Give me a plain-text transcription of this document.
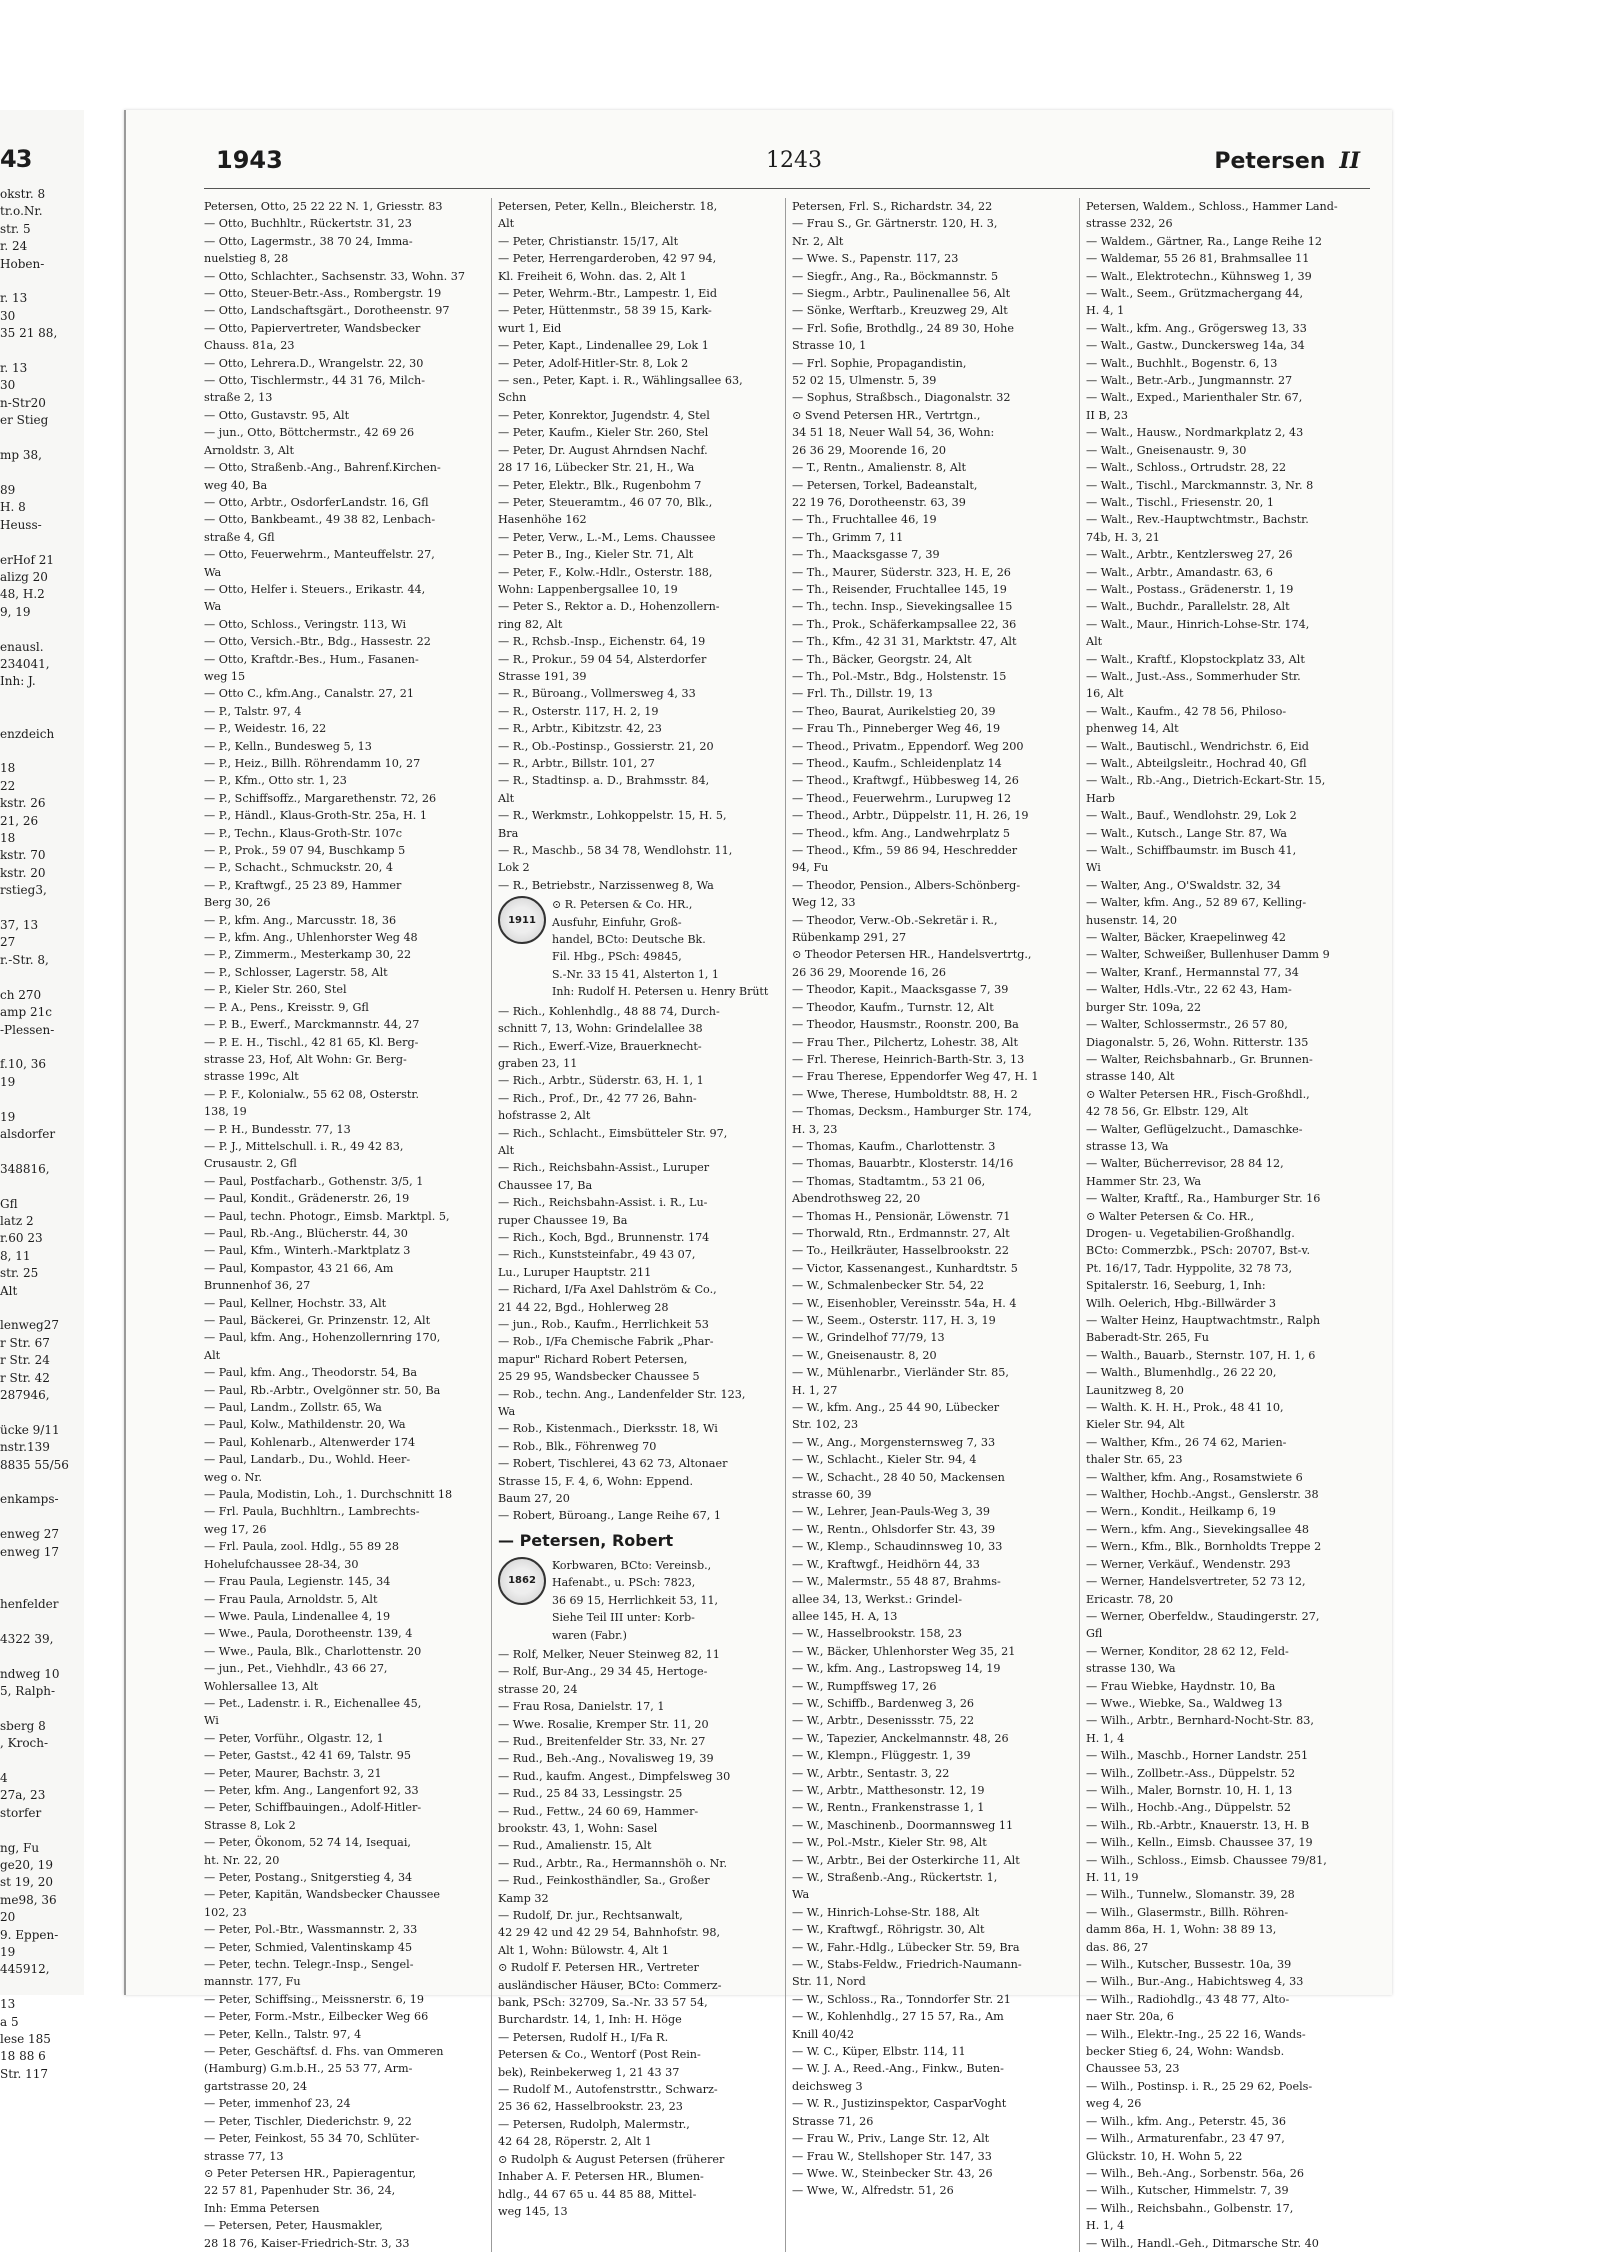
43
okstr. 8
tr.o.Nr.
str. 5
r. 24
Hoben-

r. 13
30
35 21 88,

r. 13
30
n-Str20
er Stieg

mp 38,

89
H. 8
Heuss-

erHof 21
alizg 20
48, H.2
9, 19

enausl.
234041,
Inh: J.

enzdeich

18
22
kstr. 26
21, 26
18
kstr. 70
kstr. 20
rstieg3,

37, 13
27
r.-Str. 8,

ch 270
amp 21c
-Plessen-

f.10, 36
19

19
alsdorfer

348816,

Gfl
latz 2
r.60 23
8, 11
str. 25
Alt

lenweg27
r Str. 67
r Str. 24
r Str. 42
287946,

ücke 9/11
nstr.139
8835 55/56

enkamps-

enweg 27
enweg 17

henfelder

4322 39,

ndweg 10
5, Ralph-

sberg 8
, Kroch-

4
27a, 23
storfer

ng, Fu
ge20, 19
st 19, 20
me98, 36
20
9. Eppen-
19
445912,

13
a 5
lese 185
18 88 6
Str. 117
1943	1243	Petersen II
Petersen, Otto, 25 22 22 N. 1, Griesstr. 83
— Otto, Buchhltr., Rückertstr. 31, 23
— Otto, Lagermstr., 38 70 24, Imma-
nuelstieg 8, 28
— Otto, Schlachter., Sachsenstr. 33, Wohn. 37
— Otto, Steuer-Betr.-Ass., Rombergstr. 19
— Otto, Landschaftsgärt., Dorotheenstr. 97
— Otto, Papiervertreter, Wandsbecker
Chauss. 81a, 23
— Otto, Lehrera.D., Wrangelstr. 22, 30
— Otto, Tischlermstr., 44 31 76, Milch-
straße 2, 13
— Otto, Gustavstr. 95, Alt
— jun., Otto, Böttchermstr., 42 69 26
Arnoldstr. 3, Alt
— Otto, Straßenb.-Ang., Bahrenf.Kirchen-
weg 40, Ba
— Otto, Arbtr., OsdorferLandstr. 16, Gfl
— Otto, Bankbeamt., 49 38 82, Lenbach-
straße 4, Gfl
— Otto, Feuerwehrm., Manteuffelstr. 27,
Wa
— Otto, Helfer i. Steuers., Erikastr. 44,
Wa
— Otto, Schloss., Veringstr. 113, Wi
— Otto, Versich.-Btr., Bdg., Hassestr. 22
— Otto, Kraftdr.-Bes., Hum., Fasanen-
weg 15
— Otto C., kfm.Ang., Canalstr. 27, 21
— P., Talstr. 97, 4
— P., Weidestr. 16, 22
— P., Kelln., Bundesweg 5, 13
— P., Heiz., Billh. Röhrendamm 10, 27
— P., Kfm., Otto str. 1, 23
— P., Schiffsoffz., Margarethenstr. 72, 26
— P., Händl., Klaus-Groth-Str. 25a, H. 1
— P., Techn., Klaus-Groth-Str. 107c
— P., Prok., 59 07 94, Buschkamp 5
— P., Schacht., Schmuckstr. 20, 4
— P., Kraftwgf., 25 23 89, Hammer
Berg 30, 26
— P., kfm. Ang., Marcusstr. 18, 36
— P., kfm. Ang., Uhlenhorster Weg 48
— P., Zimmerm., Mesterkamp 30, 22
— P., Schlosser, Lagerstr. 58, Alt
— P., Kieler Str. 260, Stel
— P. A., Pens., Kreisstr. 9, Gfl
— P. B., Ewerf., Marckmannstr. 44, 27
— P. E. H., Tischl., 42 81 65, Kl. Berg-
strasse 23, Hof, Alt Wohn: Gr. Berg-
strasse 199c, Alt
— P. F., Kolonialw., 55 62 08, Osterstr.
138, 19
— P. H., Bundesstr. 77, 13
— P. J., Mittelschull. i. R., 49 42 83,
Crusaustr. 2, Gfl
— Paul, Postfacharb., Gothenstr. 3/5, 1
— Paul, Kondit., Grädenerstr. 26, 19
— Paul, techn. Photogr., Eimsb. Marktpl. 5,
— Paul, Rb.-Ang., Blücherstr. 44, 30
— Paul, Kfm., Winterh.-Marktplatz 3
— Paul, Kompastor, 43 21 66, Am
Brunnenhof 36, 27
— Paul, Kellner, Hochstr. 33, Alt
— Paul, Bäckerei, Gr. Prinzenstr. 12, Alt
— Paul, kfm. Ang., Hohenzollernring 170,
Alt
— Paul, kfm. Ang., Theodorstr. 54, Ba
— Paul, Rb.-Arbtr., Ovelgönner str. 50, Ba
— Paul, Landm., Zollstr. 65, Wa
— Paul, Kolw., Mathildenstr. 20, Wa
— Paul, Kohlenarb., Altenwerder 174
— Paul, Landarb., Du., Wohld. Heer-
weg o. Nr.
— Paula, Modistin, Loh., 1. Durchschnitt 18
— Frl. Paula, Buchhltrn., Lambrechts-
weg 17, 26
— Frl. Paula, zool. Hdlg., 55 89 28
Hohelufchaussee 28-34, 30
— Frau Paula, Legienstr. 145, 34
— Frau Paula, Arnoldstr. 5, Alt
— Wwe. Paula, Lindenallee 4, 19
— Wwe., Paula, Dorotheenstr. 139, 4
— Wwe., Paula, Blk., Charlottenstr. 20
— jun., Pet., Viehhdlr., 43 66 27,
Wohlersallee 13, Alt
— Pet., Ladenstr. i. R., Eichenallee 45,
Wi
— Peter, Vorführ., Olgastr. 12, 1
— Peter, Gastst., 42 41 69, Talstr. 95
— Peter, Maurer, Bachstr. 3, 21
— Peter, kfm. Ang., Langenfort 92, 33
— Peter, Schiffbauingen., Adolf-Hitler-
Strasse 8, Lok 2
— Peter, Ökonom, 52 74 14, Isequai,
ht. Nr. 22, 20
— Peter, Postang., Snitgerstieg 4, 34
— Peter, Kapitän, Wandsbecker Chaussee
102, 23
— Peter, Pol.-Btr., Wassmannstr. 2, 33
— Peter, Schmied, Valentinskamp 45
— Peter, techn. Telegr.-Insp., Sengel-
mannstr. 177, Fu
— Peter, Schiffsing., Meissnerstr. 6, 19
— Peter, Form.-Mstr., Eilbecker Weg 66
— Peter, Kelln., Talstr. 97, 4
— Peter, Geschäftsf. d. Fhs. van Ommeren
(Hamburg) G.m.b.H., 25 53 77, Arm-
gartstrasse 20, 24
— Peter, immenhof 23, 24
— Peter, Tischler, Diederichstr. 9, 22
— Peter, Feinkost, 55 34 70, Schlüter-
strasse 77, 13
⊙ Peter Petersen HR., Papieragentur,
22 57 81, Papenhuder Str. 36, 24,
Inh: Emma Petersen
— Petersen, Peter, Hausmakler,
28 18 76, Kaiser-Friedrich-Str. 3, 33
Petersen, Peter, Kelln., Bleicherstr. 18,
Alt
— Peter, Christianstr. 15/17, Alt
— Peter, Herrengarderoben, 42 97 94,
Kl. Freiheit 6, Wohn. das. 2, Alt 1
— Peter, Wehrm.-Btr., Lampestr. 1, Eid
— Peter, Hüttenmstr., 58 39 15, Kark-
wurt 1, Eid
— Peter, Kapt., Lindenallee 29, Lok 1
— Peter, Adolf-Hitler-Str. 8, Lok 2
— sen., Peter, Kapt. i. R., Wählingsallee 63,
Schn
— Peter, Konrektor, Jugendstr. 4, Stel
— Peter, Kaufm., Kieler Str. 260, Stel
— Peter, Dr. August Ahrndsen Nachf.
28 17 16, Lübecker Str. 21, H., Wa
— Peter, Elektr., Blk., Rugenbohm 7
— Peter, Steueramtm., 46 07 70, Blk.,
Hasenhöhe 162
— Peter, Verw., L.-M., Lems. Chaussee
— Peter B., Ing., Kieler Str. 71, Alt
— Peter, F., Kolw.-Hdlr., Osterstr. 188,
Wohn: Lappenbergsallee 10, 19
— Peter S., Rektor a. D., Hohenzollern-
ring 82, Alt
— R., Rchsb.-Insp., Eichenstr. 64, 19
— R., Prokur., 59 04 54, Alsterdorfer
Strasse 191, 39
— R., Büroang., Vollmersweg 4, 33
— R., Osterstr. 117, H. 2, 19
— R., Arbtr., Kibitzstr. 42, 23
— R., Ob.-Postinsp., Gossierstr. 21, 20
— R., Arbtr., Billstr. 101, 27
— R., Stadtinsp. a. D., Brahmsstr. 84,
Alt
— R., Werkmstr., Lohkoppelstr. 15, H. 5,
Bra
— R., Maschb., 58 34 78, Wendlohstr. 11,
Lok 2
— R., Betriebstr., Narzissenweg 8, Wa
1911
⊙ R. Petersen & Co. HR.,
Ausfuhr, Einfuhr, Groß-
handel, BCto: Deutsche Bk.
Fil. Hbg., PSch: 49845,
S.-Nr. 33 15 41, Alsterton 1, 1
Inh: Rudolf H. Petersen u. Henry Brütt
— Rich., Kohlenhdlg., 48 88 74, Durch-
schnitt 7, 13, Wohn: Grindelallee 38
— Rich., Ewerf.-Vize, Brauerknecht-
graben 23, 11
— Rich., Arbtr., Süderstr. 63, H. 1, 1
— Rich., Prof., Dr., 42 77 26, Bahn-
hofstrasse 2, Alt
— Rich., Schlacht., Eimsbütteler Str. 97,
Alt
— Rich., Reichsbahn-Assist., Luruper
Chaussee 17, Ba
— Rich., Reichsbahn-Assist. i. R., Lu-
ruper Chaussee 19, Ba
— Rich., Koch, Bgd., Brunnenstr. 174
— Rich., Kunststeinfabr., 49 43 07,
Lu., Luruper Hauptstr. 211
— Richard, I/Fa Axel Dahlström & Co.,
21 44 22, Bgd., Hohlerweg 28
— jun., Rob., Kaufm., Herrlichkeit 53
— Rob., I/Fa Chemische Fabrik „Phar-
mapur" Richard Robert Petersen,
25 29 95, Wandsbecker Chaussee 5
— Rob., techn. Ang., Landenfelder Str. 123,
Wa
— Rob., Kistenmach., Dierksstr. 18, Wi
— Rob., Blk., Föhrenweg 70
— Robert, Tischlerei, 43 62 73, Altonaer
Strasse 15, F. 4, 6, Wohn: Eppend.
Baum 27, 20
— Robert, Büroang., Lange Reihe 67, 1
— Petersen, Robert
1862
Korbwaren, BCto: Vereinsb.,
Hafenabt., u. PSch: 7823,
36 69 15, Herrlichkeit 53, 11,
Siehe Teil III unter: Korb-
waren (Fabr.)
— Rolf, Melker, Neuer Steinweg 82, 11
— Rolf, Bur-Ang., 29 34 45, Hertoge-
strasse 20, 24
— Frau Rosa, Danielstr. 17, 1
— Wwe. Rosalie, Kremper Str. 11, 20
— Rud., Breitenfelder Str. 33, Nr. 27
— Rud., Beh.-Ang., Novalisweg 19, 39
— Rud., kaufm. Angest., Dimpfelsweg 30
— Rud., 25 84 33, Lessingstr. 25
— Rud., Fettw., 24 60 69, Hammer-
brookstr. 43, 1, Wohn: Sasel
— Rud., Amalienstr. 15, Alt
— Rud., Arbtr., Ra., Hermannshöh o. Nr.
— Rud., Feinkosthändler, Sa., Großer
Kamp 32
— Rudolf, Dr. jur., Rechtsanwalt,
42 29 42 und 42 29 54, Bahnhofstr. 98,
Alt 1, Wohn: Bülowstr. 4, Alt 1
⊙ Rudolf F. Petersen HR., Vertreter
ausländischer Häuser, BCto: Commerz-
bank, PSch: 32709, Sa.-Nr. 33 57 54,
Burchardstr. 14, 1, Inh: H. Höge
— Petersen, Rudolf H., I/Fa R.
Petersen & Co., Wentorf (Post Rein-
bek), Reinbekerweg 1, 21 43 37
— Rudolf M., Autofenstrsttr., Schwarz-
25 36 62, Hasselbrookstr. 23, 23
— Petersen, Rudolph, Malermstr.,
42 64 28, Röperstr. 2, Alt 1
⊙ Rudolph & August Petersen (früherer
Inhaber A. F. Petersen HR., Blumen-
hdlg., 44 67 65 u. 44 85 88, Mittel-
weg 145, 13
Petersen, Frl. S., Richardstr. 34, 22
— Frau S., Gr. Gärtnerstr. 120, H. 3,
Nr. 2, Alt
— Wwe. S., Papenstr. 117, 23
— Siegfr., Ang., Ra., Böckmannstr. 5
— Siegm., Arbtr., Paulinenallee 56, Alt
— Sönke, Werftarb., Kreuzweg 29, Alt
— Frl. Sofie, Brothdlg., 24 89 30, Hohe
Strasse 10, 1
— Frl. Sophie, Propagandistin,
52 02 15, Ulmenstr. 5, 39
— Sophus, Straßbsch., Diagonalstr. 32
⊙ Svend Petersen HR., Vertrtgn.,
34 51 18, Neuer Wall 54, 36, Wohn:
26 36 29, Moorende 16, 20
— T., Rentn., Amalienstr. 8, Alt
— Petersen, Torkel, Badeanstalt,
22 19 76, Dorotheenstr. 63, 39
— Th., Fruchtallee 46, 19
— Th., Grimm 7, 11
— Th., Maacksgasse 7, 39
— Th., Maurer, Süderstr. 323, H. E, 26
— Th., Reisender, Fruchtallee 145, 19
— Th., techn. Insp., Sievekingsallee 15
— Th., Prok., Schäferkampsallee 22, 36
— Th., Kfm., 42 31 31, Marktstr. 47, Alt
— Th., Bäcker, Georgstr. 24, Alt
— Th., Pol.-Mstr., Bdg., Holstenstr. 15
— Frl. Th., Dillstr. 19, 13
— Theo, Baurat, Aurikelstieg 20, 39
— Frau Th., Pinneberger Weg 46, 19
— Theod., Privatm., Eppendorf. Weg 200
— Theod., Kaufm., Schleidenplatz 14
— Theod., Kraftwgf., Hübbesweg 14, 26
— Theod., Feuerwehrm., Lurupweg 12
— Theod., Arbtr., Düppelstr. 11, H. 26, 19
— Theod., kfm. Ang., Landwehrplatz 5
— Theod., Kfm., 59 86 94, Heschredder
94, Fu
— Theodor, Pension., Albers-Schönberg-
Weg 12, 33
— Theodor, Verw.-Ob.-Sekretär i. R.,
Rübenkamp 291, 27
⊙ Theodor Petersen HR., Handelsvertrtg.,
26 36 29, Moorende 16, 26
— Theodor, Kapit., Maacksgasse 7, 39
— Theodor, Kaufm., Turnstr. 12, Alt
— Theodor, Hausmstr., Roonstr. 200, Ba
— Frau Ther., Pilchertz, Lohestr. 38, Alt
— Frl. Therese, Heinrich-Barth-Str. 3, 13
— Frau Therese, Eppendorfer Weg 47, H. 1
— Wwe, Therese, Humboldtstr. 88, H. 2
— Thomas, Decksm., Hamburger Str. 174,
H. 3, 23
— Thomas, Kaufm., Charlottenstr. 3
— Thomas, Bauarbtr., Klosterstr. 14/16
— Thomas, Stadtamtm., 53 21 06,
Abendrothsweg 22, 20
— Thomas H., Pensionär, Löwenstr. 71
— Thorwald, Rtn., Erdmannstr. 27, Alt
— To., Heilkräuter, Hasselbrookstr. 22
— Victor, Kassenangest., Kunhardtstr. 5
— W., Schmalenbecker Str. 54, 22
— W., Eisenhobler, Vereinsstr. 54a, H. 4
— W., Seem., Osterstr. 117, H. 3, 19
— W., Grindelhof 77/79, 13
— W., Gneisenaustr. 8, 20
— W., Mühlenarbr., Vierländer Str. 85,
H. 1, 27
— W., kfm. Ang., 25 44 90, Lübecker
Str. 102, 23
— W., Ang., Morgensternsweg 7, 33
— W., Schlacht., Kieler Str. 94, 4
— W., Schacht., 28 40 50, Mackensen
strasse 60, 39
— W., Lehrer, Jean-Pauls-Weg 3, 39
— W., Rentn., Ohlsdorfer Str. 43, 39
— W., Klemp., Schaudinnsweg 10, 33
— W., Kraftwgf., Heidhörn 44, 33
— W., Malermstr., 55 48 87, Brahms-
allee 34, 13, Werkst.: Grindel-
allee 145, H. A, 13
— W., Hasselbrookstr. 158, 23
— W., Bäcker, Uhlenhorster Weg 35, 21
— W., kfm. Ang., Lastropsweg 14, 19
— W., Rumpffsweg 17, 26
— W., Schiffb., Bardenweg 3, 26
— W., Arbtr., Desenissstr. 75, 22
— W., Tapezier, Anckelmannstr. 48, 26
— W., Klempn., Flüggestr. 1, 39
— W., Arbtr., Sentastr. 3, 22
— W., Arbtr., Matthesonstr. 12, 19
— W., Rentn., Frankenstrasse 1, 1
— W., Maschinenb., Doormannsweg 11
— W., Pol.-Mstr., Kieler Str. 98, Alt
— W., Arbtr., Bei der Osterkirche 11, Alt
— W., Straßenb.-Ang., Rückertstr. 1,
Wa
— W., Hinrich-Lohse-Str. 188, Alt
— W., Kraftwgf., Röhrigstr. 30, Alt
— W., Fahr.-Hdlg., Lübecker Str. 59, Bra
— W., Stabs-Feldw., Friedrich-Naumann-
Str. 11, Nord
— W., Schloss., Ra., Tonndorfer Str. 21
— W., Kohlenhdlg., 27 15 57, Ra., Am
Knill 40/42
— W. C., Küper, Elbstr. 114, 11
— W. J. A., Reed.-Ang., Finkw., Buten-
deichsweg 3
— W. R., Justizinspektor, CasparVoght
Strasse 71, 26
— Frau W., Priv., Lange Str. 12, Alt
— Frau W., Stellshoper Str. 147, 33
— Wwe. W., Steinbecker Str. 43, 26
— Wwe, W., Alfredstr. 51, 26
Petersen, Waldem., Schloss., Hammer Land-
strasse 232, 26
— Waldem., Gärtner, Ra., Lange Reihe 12
— Waldemar, 55 26 81, Brahmsallee 11
— Walt., Elektrotechn., Kühnsweg 1, 39
— Walt., Seem., Grützmachergang 44,
H. 4, 1
— Walt., kfm. Ang., Grögersweg 13, 33
— Walt., Gastw., Dunckersweg 14a, 34
— Walt., Buchhlt., Bogenstr. 6, 13
— Walt., Betr.-Arb., Jungmannstr. 27
— Walt., Exped., Marienthaler Str. 67,
II B, 23
— Walt., Hausw., Nordmarkplatz 2, 43
— Walt., Gneisenaustr. 9, 30
— Walt., Schloss., Ortrudstr. 28, 22
— Walt., Tischl., Marckmannstr. 3, Nr. 8
— Walt., Tischl., Friesenstr. 20, 1
— Walt., Rev.-Hauptwchtmstr., Bachstr.
74b, H. 3, 21
— Walt., Arbtr., Kentzlersweg 27, 26
— Walt., Arbtr., Amandastr. 63, 6
— Walt., Postass., Grädenerstr. 1, 19
— Walt., Buchdr., Parallelstr. 28, Alt
— Walt., Maur., Hinrich-Lohse-Str. 174,
Alt
— Walt., Kraftf., Klopstockplatz 33, Alt
— Walt., Just.-Ass., Sommerhuder Str.
16, Alt
— Walt., Kaufm., 42 78 56, Philoso-
phenweg 14, Alt
— Walt., Bautischl., Wendrichstr. 6, Eid
— Walt., Abteilgsleitr., Hochrad 40, Gfl
— Walt., Rb.-Ang., Dietrich-Eckart-Str. 15,
Harb
— Walt., Bauf., Wendlohstr. 29, Lok 2
— Walt., Kutsch., Lange Str. 87, Wa
— Walt., Schiffbaumstr. im Busch 41,
Wi
— Walter, Ang., O'Swaldstr. 32, 34
— Walter, kfm. Ang., 52 89 67, Kelling-
husenstr. 14, 20
— Walter, Bäcker, Kraepelinweg 42
— Walter, Schweißer, Bullenhuser Damm 9
— Walter, Kranf., Hermannstal 77, 34
— Walter, Hdls.-Vtr., 22 62 43, Ham-
burger Str. 109a, 22
— Walter, Schlossermstr., 26 57 80,
Diagonalstr. 5, 26, Wohn. Ritterstr. 135
— Walter, Reichsbahnarb., Gr. Brunnen-
strasse 140, Alt
⊙ Walter Petersen HR., Fisch-Großhdl.,
42 78 56, Gr. Elbstr. 129, Alt
— Walter, Geflügelzucht., Damaschke-
strasse 13, Wa
— Walter, Bücherrevisor, 28 84 12,
Hammer Str. 23, Wa
— Walter, Kraftf., Ra., Hamburger Str. 16
⊙ Walter Petersen & Co. HR.,
Drogen- u. Vegetabilien-Großhandlg.
BCto: Commerzbk., PSch: 20707, Bst-v.
Pt. 16/17, Tadr. Hyppolite, 32 78 73,
Spitalerstr. 16, Seeburg, 1, Inh:
Wilh. Oelerich, Hbg.-Billwärder 3
— Walter Heinz, Hauptwachtmstr., Ralph
Baberadt-Str. 265, Fu
— Walth., Bauarb., Sternstr. 107, H. 1, 6
— Walth., Blumenhdlg., 26 22 20,
Launitzweg 8, 20
— Walth. K. H. H., Prok., 48 41 10,
Kieler Str. 94, Alt
— Walther, Kfm., 26 74 62, Marien-
thaler Str. 65, 23
— Walther, kfm. Ang., Rosamstwiete 6
— Walther, Hochb.-Angst., Genslerstr. 38
— Wern., Kondit., Heilkamp 6, 19
— Wern., kfm. Ang., Sievekingsallee 48
— Wern., Kfm., Blk., Bornholdts Treppe 2
— Werner, Verkäuf., Wendenstr. 293
— Werner, Handelsvertreter, 52 73 12,
Ericastr. 78, 20
— Werner, Oberfeldw., Staudingerstr. 27,
Gfl
— Werner, Konditor, 28 62 12, Feld-
strasse 130, Wa
— Frau Wiebke, Haydnstr. 10, Ba
— Wwe., Wiebke, Sa., Waldweg 13
— Wilh., Arbtr., Bernhard-Nocht-Str. 83,
H. 1, 4
— Wilh., Maschb., Horner Landstr. 251
— Wilh., Zollbetr.-Ass., Düppelstr. 52
— Wilh., Maler, Bornstr. 10, H. 1, 13
— Wilh., Hochb.-Ang., Düppelstr. 52
— Wilh., Rb.-Arbtr., Knauerstr. 13, H. B
— Wilh., Kelln., Eimsb. Chaussee 37, 19
— Wilh., Schloss., Eimsb. Chaussee 79/81,
H. 11, 19
— Wilh., Tunnelw., Slomanstr. 39, 28
— Wilh., Glasermstr., Billh. Röhren-
damm 86a, H. 1, Wohn: 38 89 13,
das. 86, 27
— Wilh., Kutscher, Bussestr. 10a, 39
— Wilh., Bur.-Ang., Habichtsweg 4, 33
— Wilh., Radiohdlg., 43 48 77, Alto-
naer Str. 20a, 6
— Wilh., Elektr.-Ing., 25 22 16, Wands-
becker Stieg 6, 24, Wohn: Wandsb.
Chaussee 53, 23
— Wilh., Postinsp. i. R., 25 29 62, Poels-
weg 4, 26
— Wilh., kfm. Ang., Peterstr. 45, 36
— Wilh., Armaturenfabr., 23 47 97,
Glückstr. 10, H. Wohn 5, 22
— Wilh., Beh.-Ang., Sorbenstr. 56a, 26
— Wilh., Kutscher, Himmelstr. 7, 39
— Wilh., Reichsbahn., Golbenstr. 17,
H. 1, 4
— Wilh., Handl.-Geh., Ditmarsche Str. 40
